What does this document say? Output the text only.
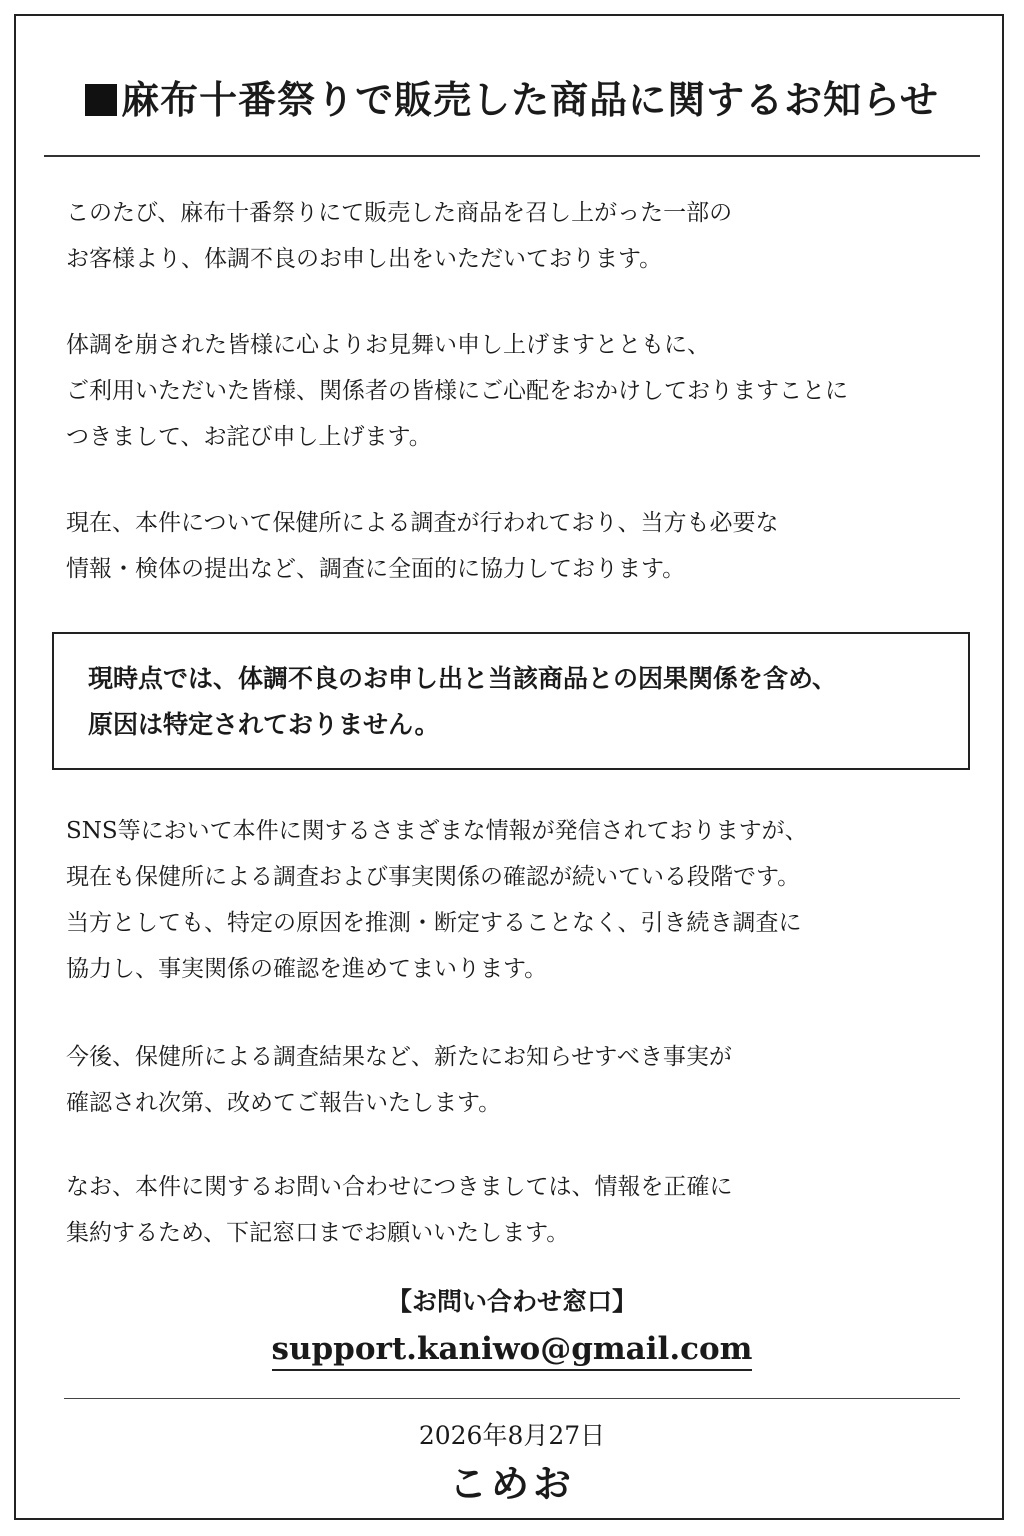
麻布十番祭りで販売した商品に関するお知らせ

このたび、麻布十番祭りにて販売した商品を召し上がった一部の
お客様より、体調不良のお申し出をいただいております。

体調を崩された皆様に心よりお見舞い申し上げますとともに、
ご利用いただいた皆様、関係者の皆様にご心配をおかけしておりますことに
つきまして、お詫び申し上げます。

現在、本件について保健所による調査が行われており、当方も必要な
情報・検体の提出など、調査に全面的に協力しております。

現時点では、体調不良のお申し出と当該商品との因果関係を含め、
原因は特定されておりません。

SNS等において本件に関するさまざまな情報が発信されておりますが、
現在も保健所による調査および事実関係の確認が続いている段階です。
当方としても、特定の原因を推測・断定することなく、引き続き調査に
協力し、事実関係の確認を進めてまいります。

今後、保健所による調査結果など、新たにお知らせすべき事実が
確認され次第、改めてご報告いたします。

なお、本件に関するお問い合わせにつきましては、情報を正確に
集約するため、下記窓口までお願いいたします。

【お問い合わせ窓口】
support.kaniwo@gmail.com
2026年8月27日
こめお
